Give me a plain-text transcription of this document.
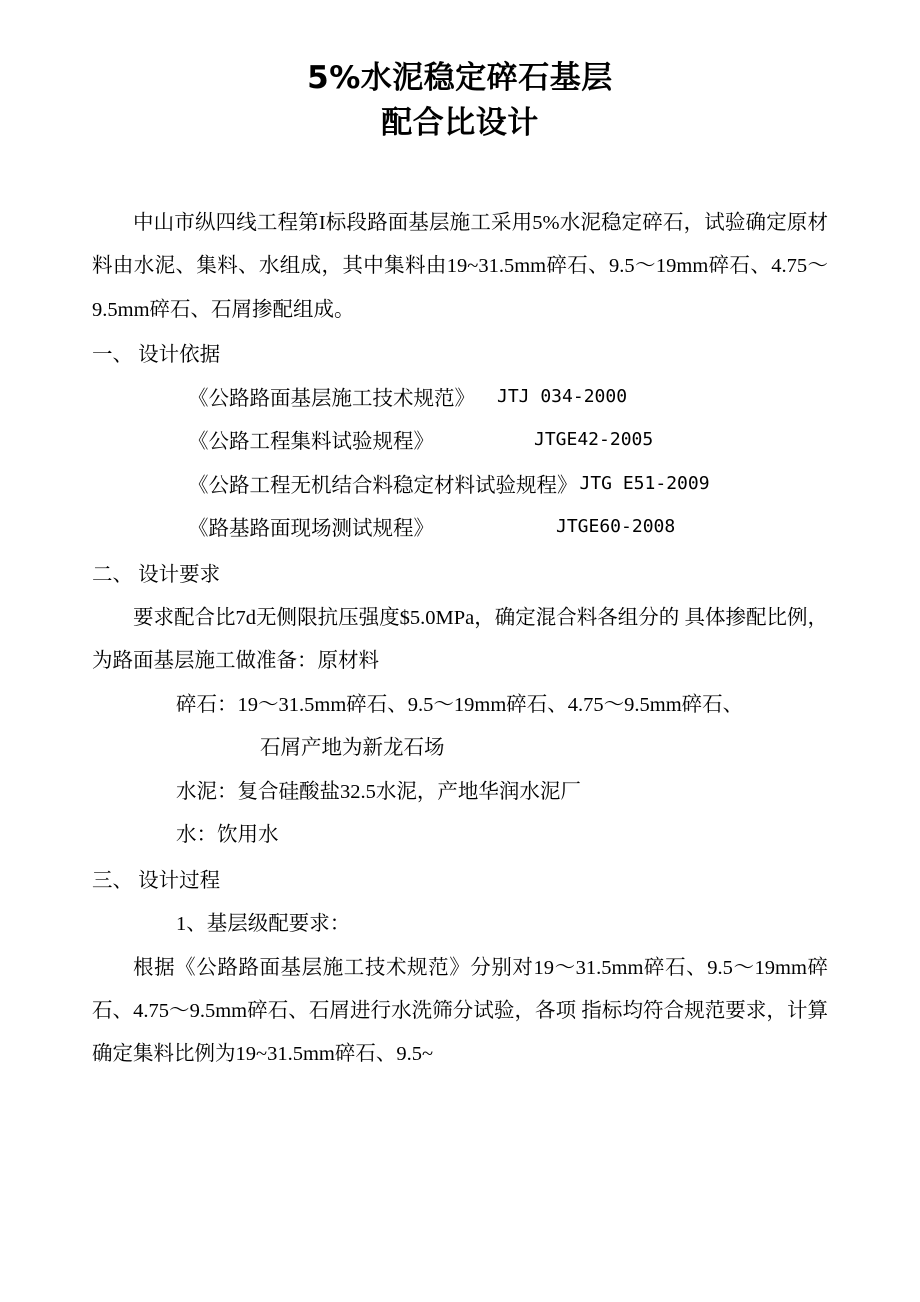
5%水泥稳定碎石基层
配合比设计

中山市纵四线工程第I标段路面基层施工采用5%水泥稳定碎石，试验确定原材料由水泥、集料、水组成，其中集料由19~31.5mm碎石、9.5～19mm碎石、4.75～9.5mm碎石、石屑掺配组成。

一、 设计依据

《公路路面基层施工技术规范》 JTJ 034-2000

《公路工程集料试验规程》	JTGE42-2005

《公路工程无机结合料稳定材料试验规程》 JTG E51-2009

《路基路面现场测试规程》	JTGE60-2008

二、 设计要求

要求配合比7d无侧限抗压强度$5.0MPa，确定混合料各组分的 具体掺配比例，为路面基层施工做准备：原材料

碎石：19～31.5mm碎石、9.5～19mm碎石、4.75～9.5mm碎石、

石屑产地为新龙石场

水泥：复合硅酸盐32.5水泥，产地华润水泥厂

水：饮用水

三、 设计过程

1、基层级配要求：

根据《公路路面基层施工技术规范》分别对19～31.5mm碎石、9.5～19mm碎石、4.75～9.5mm碎石、石屑进行水洗筛分试验，各项 指标均符合规范要求，计算确定集料比例为19~31.5mm碎石、9.5~
